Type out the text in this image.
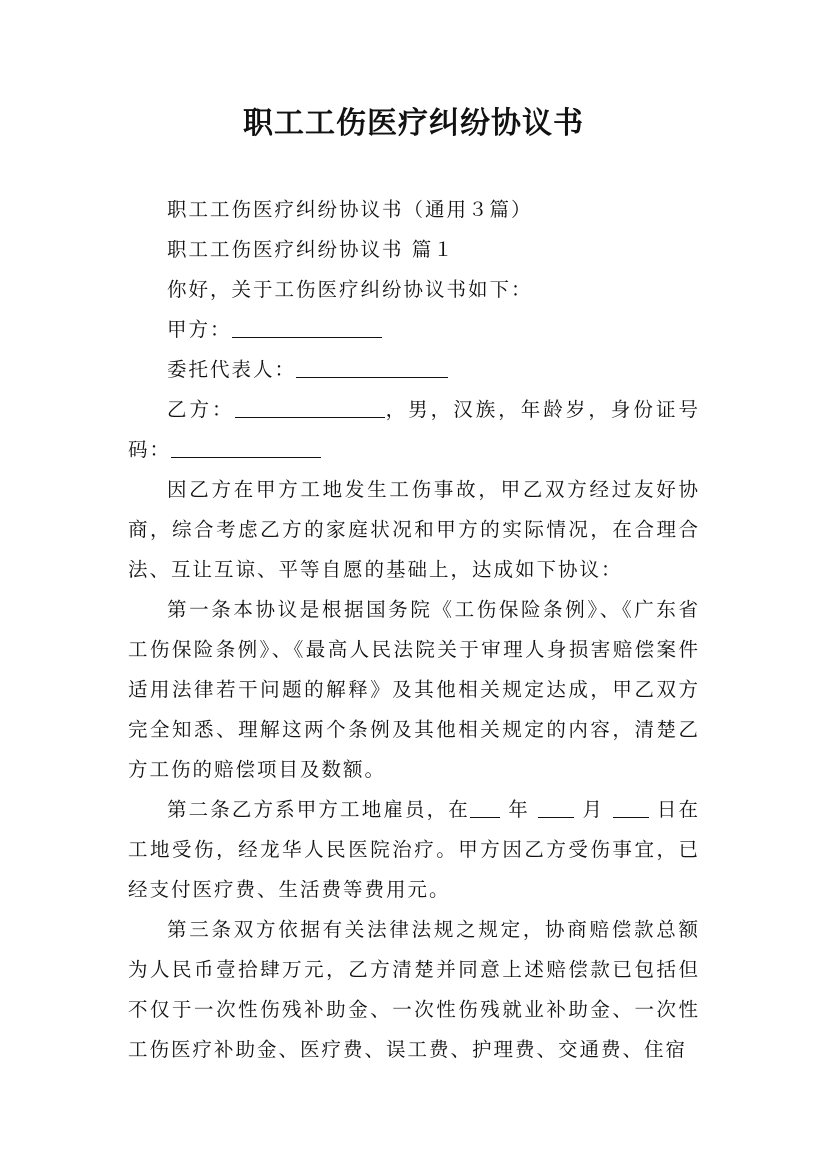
职工工伤医疗纠纷协议书

职工工伤医疗纠纷协议书（通用３篇）

职工工伤医疗纠纷协议书 篇１

你好，关于工伤医疗纠纷协议书如下：

甲方：

委托代表人：

乙方：	，男，汉族，年龄岁，身份证号码：

因乙方在甲方工地发生工伤事故，甲乙双方经过友好协商，综合考虑乙方的家庭状况和甲方的实际情况，在合理合法、互让互谅、平等自愿的基础上，达成如下协议：

第一条本协议是根据国务院《工伤保险条例》、《广东省工伤保险条例》、《最高人民法院关于审理人身损害赔偿案件适用法律若干问题的解释》及其他相关规定达成，甲乙双方完全知悉、理解这两个条例及其他相关规定的内容，清楚乙方工伤的赔偿项目及数额。

第二条乙方系甲方工地雇员，在 年	月	日在工地受伤，经龙华人民医院治疗。甲方因乙方受伤事宜，已经支付医疗费、生活费等费用元。

第三条双方依据有关法律法规之规定，协商赔偿款总额为人民币壹拾肆万元，乙方清楚并同意上述赔偿款已包括但不仅于一次性伤残补助金、一次性伤残就业补助金、一次性工伤医疗补助金、医疗费、误工费、护理费、交通费、住宿
